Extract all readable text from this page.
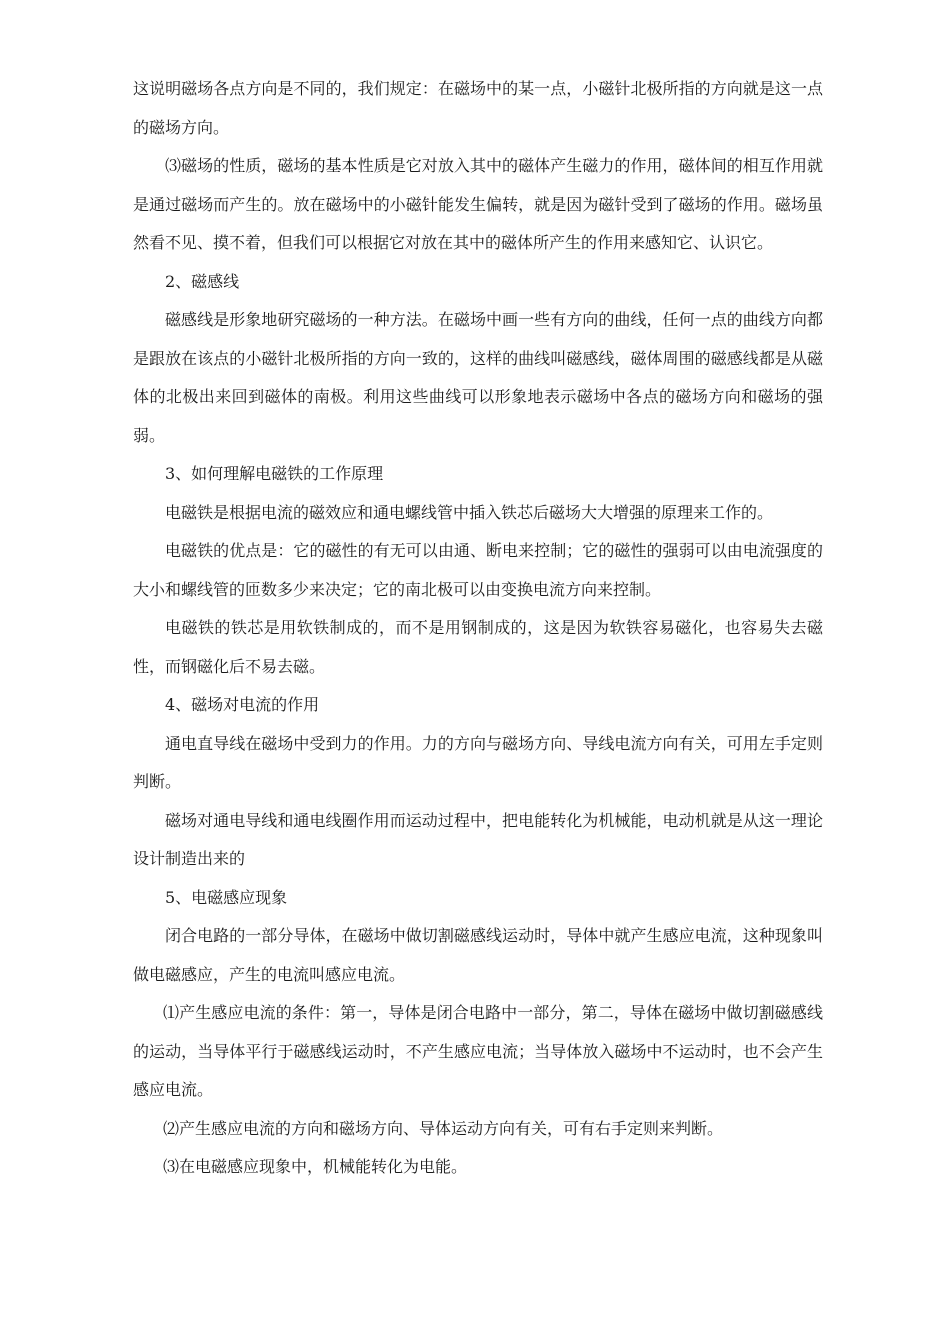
这说明磁场各点方向是不同的，我们规定：在磁场中的某一点，小磁针北极所指的方向就是这一点的磁场方向。

⑶磁场的性质，磁场的基本性质是它对放入其中的磁体产生磁力的作用，磁体间的相互作用就是通过磁场而产生的。放在磁场中的小磁针能发生偏转，就是因为磁针受到了磁场的作用。磁场虽然看不见、摸不着，但我们可以根据它对放在其中的磁体所产生的作用来感知它、认识它。

2、磁感线

磁感线是形象地研究磁场的一种方法。在磁场中画一些有方向的曲线，任何一点的曲线方向都是跟放在该点的小磁针北极所指的方向一致的，这样的曲线叫磁感线，磁体周围的磁感线都是从磁体的北极出来回到磁体的南极。利用这些曲线可以形象地表示磁场中各点的磁场方向和磁场的强弱。

3、如何理解电磁铁的工作原理

电磁铁是根据电流的磁效应和通电螺线管中插入铁芯后磁场大大增强的原理来工作的。

电磁铁的优点是：它的磁性的有无可以由通、断电来控制；它的磁性的强弱可以由电流强度的大小和螺线管的匝数多少来决定；它的南北极可以由变换电流方向来控制。

电磁铁的铁芯是用软铁制成的，而不是用钢制成的，这是因为软铁容易磁化，也容易失去磁性，而钢磁化后不易去磁。

4、磁场对电流的作用

通电直导线在磁场中受到力的作用。力的方向与磁场方向、导线电流方向有关，可用左手定则判断。

磁场对通电导线和通电线圈作用而运动过程中，把电能转化为机械能，电动机就是从这一理论设计制造出来的

5、电磁感应现象

闭合电路的一部分导体，在磁场中做切割磁感线运动时，导体中就产生感应电流，这种现象叫做电磁感应，产生的电流叫感应电流。

⑴产生感应电流的条件：第一，导体是闭合电路中一部分，第二，导体在磁场中做切割磁感线的运动，当导体平行于磁感线运动时，不产生感应电流；当导体放入磁场中不运动时，也不会产生感应电流。

⑵产生感应电流的方向和磁场方向、导体运动方向有关，可有右手定则来判断。

⑶在电磁感应现象中，机械能转化为电能。
